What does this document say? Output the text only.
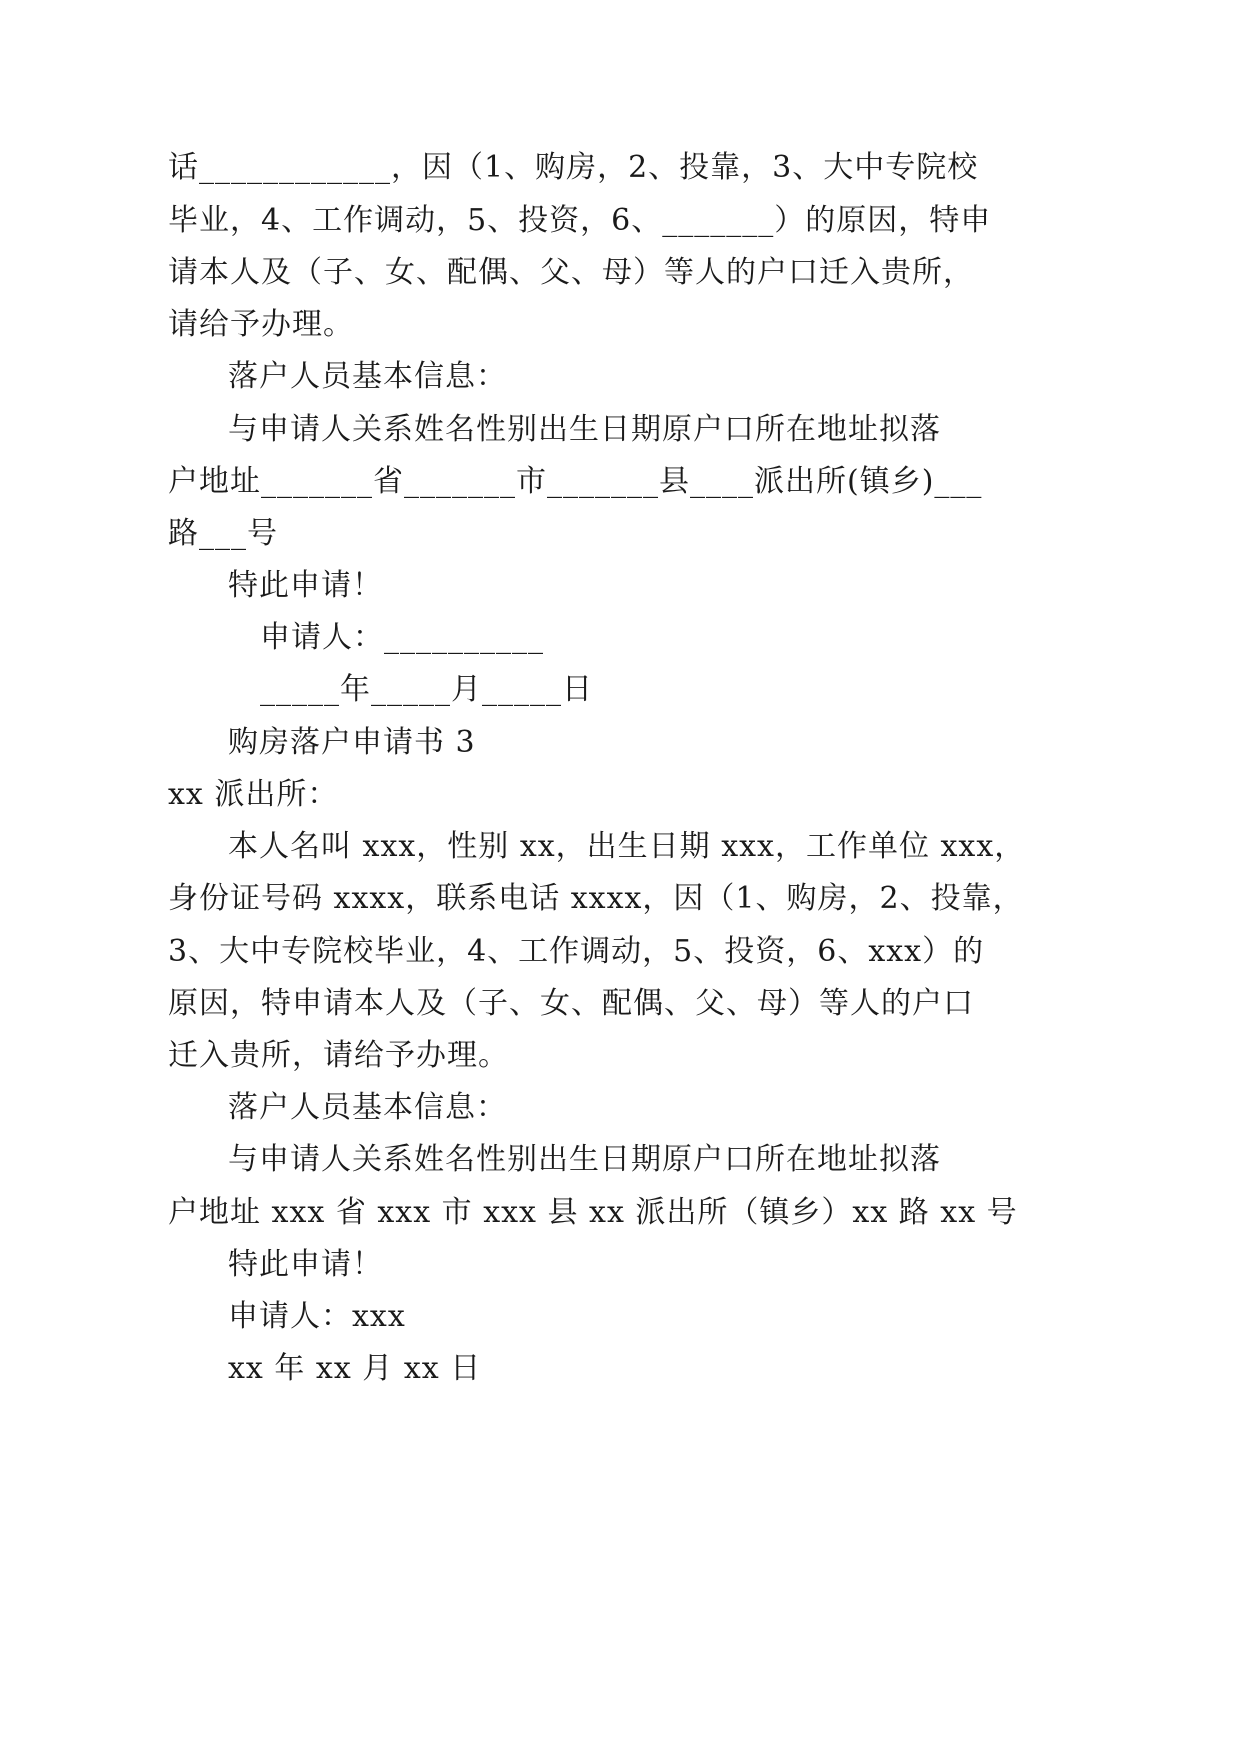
话____________，因（1、购房，2、投靠，3、大中专院校

毕业，4、工作调动，5、投资，6、_______）的原因，特申

请本人及（子、女、配偶、父、母）等人的户口迁入贵所，

请给予办理。

落户人员基本信息：

与申请人关系姓名性别出生日期原户口所在地址拟落

户地址_______省_______市_______县____派出所(镇乡)___

路___号

特此申请！

申请人：__________

_____年_____月_____日

购房落户申请书 3

xx 派出所：

本人名叫 xxx，性别 xx，出生日期 xxx，工作单位 xxx，

身份证号码 xxxx，联系电话 xxxx，因（1、购房，2、投靠，

3、大中专院校毕业，4、工作调动，5、投资，6、xxx）的

原因，特申请本人及（子、女、配偶、父、母）等人的户口

迁入贵所，请给予办理。

落户人员基本信息：

与申请人关系姓名性别出生日期原户口所在地址拟落

户地址 xxx 省 xxx 市 xxx 县 xx 派出所（镇乡）xx 路 xx 号

特此申请！

申请人：xxx

xx 年 xx 月 xx 日
